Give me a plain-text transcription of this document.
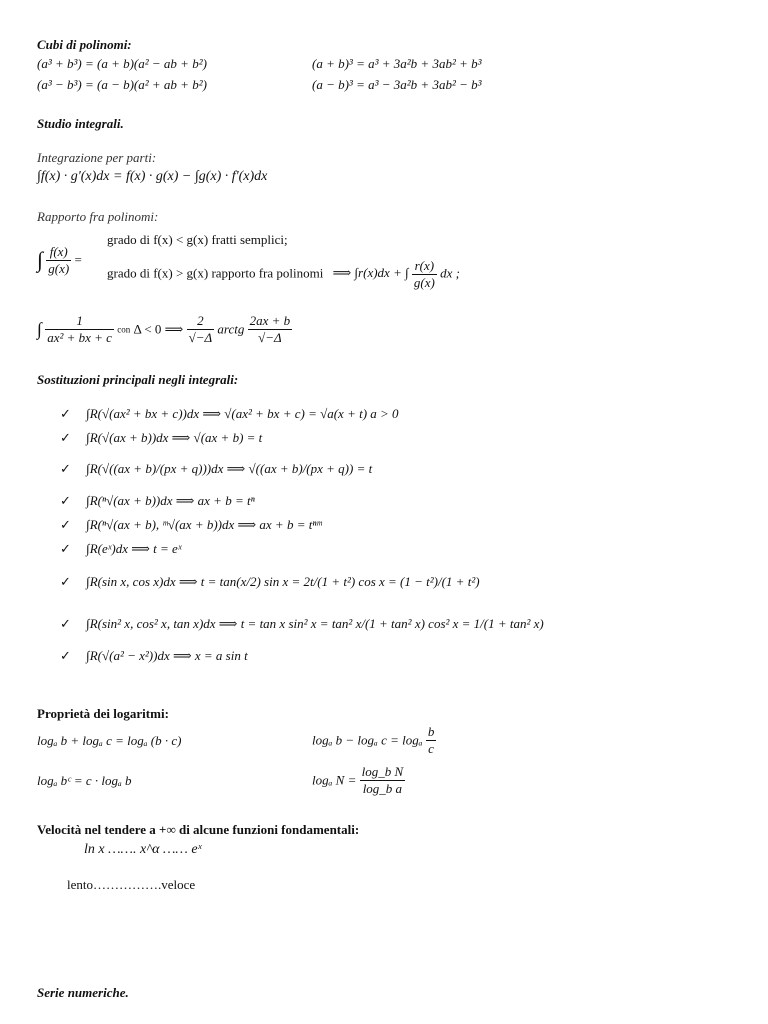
Cubi di polinomi:
(a³ + b³) = (a + b)(a² − ab + b²)
(a³ − b³) = (a − b)(a² + ab + b²)
(a + b)³ = a³ + 3a²b + 3ab² + b³
(a − b)³ = a³ − 3a²b + 3ab² − b³
Studio integrali.
Integrazione per parti:
∫f(x) · g'(x)dx = f(x) · g(x) − ∫g(x) · f'(x)dx
Rapporto fra polinomi:
∫ $\frac{f(x)}{g(x)}$ =
grado di f(x) < g(x) fratti semplici;
grado di f(x) > g(x) rapporto fra polinomi ⟹ ∫r(x)dx + ∫ $\frac{r(x)}{g(x)}$ dx ;
∫ $\frac{1}{\text{ax² + bx + c}}$ con Δ < 0 ⟹ $\frac{2}{√-\Delta}$ arctg $\frac{2ax + b}{√-\Delta}$
Sostituzioni principali negli integrali:
✓ ∫R(√(ax² + bx + c))dx ⟹ √(ax² + bx + c) = √a(x + t) a > 0
✓ ∫R(√(ax + b))dx ⟹ √(ax + b) = t
✓ ∫R(√((ax + b)/(px + q)))dx ⟹ √((ax + b)/(px + q)) = t
✓ ∫R(ⁿ√(ax + b))dx ⟹ ax + b = tⁿ
✓ ∫R(ⁿ√(ax + b), ᵐ√(ax + b))dx ⟹ ax + b = tⁿᵐ
✓ ∫R(eˣ)dx ⟹ t = eˣ
✓ ∫R(sin x, cos x)dx ⟹ t = tan(x/2) sin x = 2t/(1 + t²) cos x = (1 − t²)/(1 + t²)
✓ ∫R(sin² x, cos² x, tan x)dx ⟹ t = tan x sin² x = tan² x/(1 + tan² x) cos² x = 1/(1 + tan² x)
✓ ∫R(√(a² − x²))dx ⟹ x = a sin t
Proprietà dei logaritmi:
logₐ b + logₐ c = logₐ (b · c)	logₐ b − logₐ c = logₐ $\frac{b}{c}$
logₐ bᶜ = c · logₐ b	logₐ $N = \frac{\text{log\_b N}}{\text{log\_b a}}$
Velocità nel tendere a +∞ di alcune funzioni fondamentali:
ln x ……. x^α …… eˣ
lento…………….veloce
Serie numeriche.
